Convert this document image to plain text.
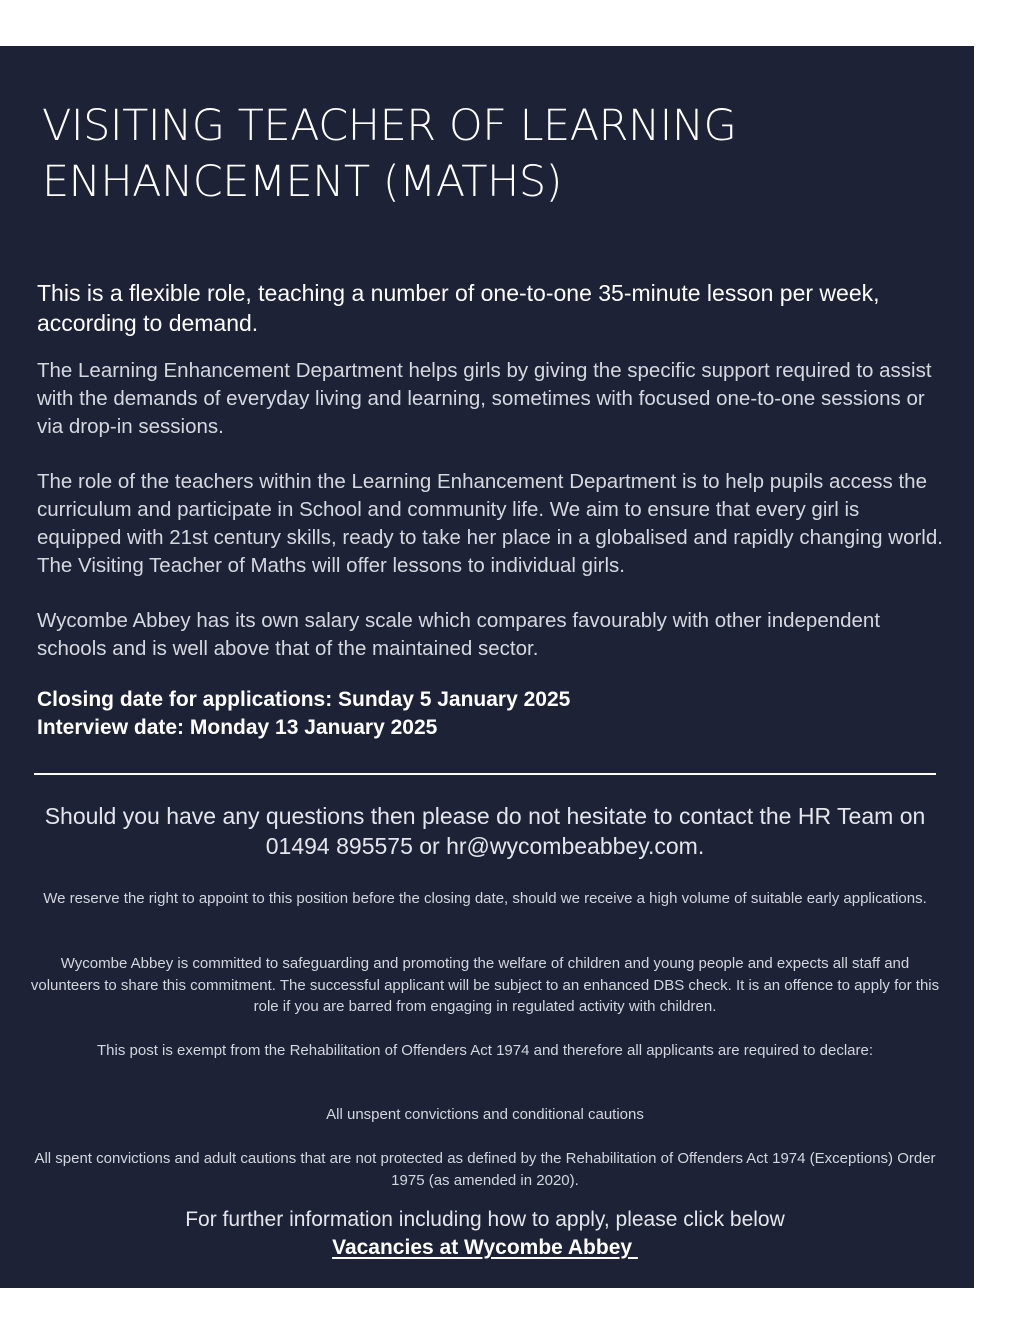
VISITING TEACHER OF LEARNING
ENHANCEMENT (MATHS)

This is a flexible role, teaching a number of one-to-one 35-minute lesson per week, according to demand.

The Learning Enhancement Department helps girls by giving the specific support required to assist with the demands of everyday living and learning, sometimes with focused one-to-one sessions or via drop-in sessions.

The role of the teachers within the Learning Enhancement Department is to help pupils access the curriculum and participate in School and community life. We aim to ensure that every girl is equipped with 21st century skills, ready to take her place in a globalised and rapidly changing world. The Visiting Teacher of Maths will offer lessons to individual girls.

Wycombe Abbey has its own salary scale which compares favourably with other independent schools and is well above that of the maintained sector.

Closing date for applications: Sunday 5 January 2025
Interview date: Monday 13 January 2025

Should you have any questions then please do not hesitate to contact the HR Team on 01494 895575 or hr@wycombeabbey.com.

We reserve the right to appoint to this position before the closing date, should we receive a high volume of suitable early applications.

Wycombe Abbey is committed to safeguarding and promoting the welfare of children and young people and expects all staff and volunteers to share this commitment. The successful applicant will be subject to an enhanced DBS check. It is an offence to apply for this role if you are barred from engaging in regulated activity with children.

This post is exempt from the Rehabilitation of Offenders Act 1974 and therefore all applicants are required to declare:

All unspent convictions and conditional cautions

All spent convictions and adult cautions that are not protected as defined by the Rehabilitation of Offenders Act 1974 (Exceptions) Order 1975 (as amended in 2020).

For further information including how to apply, please click below

Vacancies at Wycombe Abbey
